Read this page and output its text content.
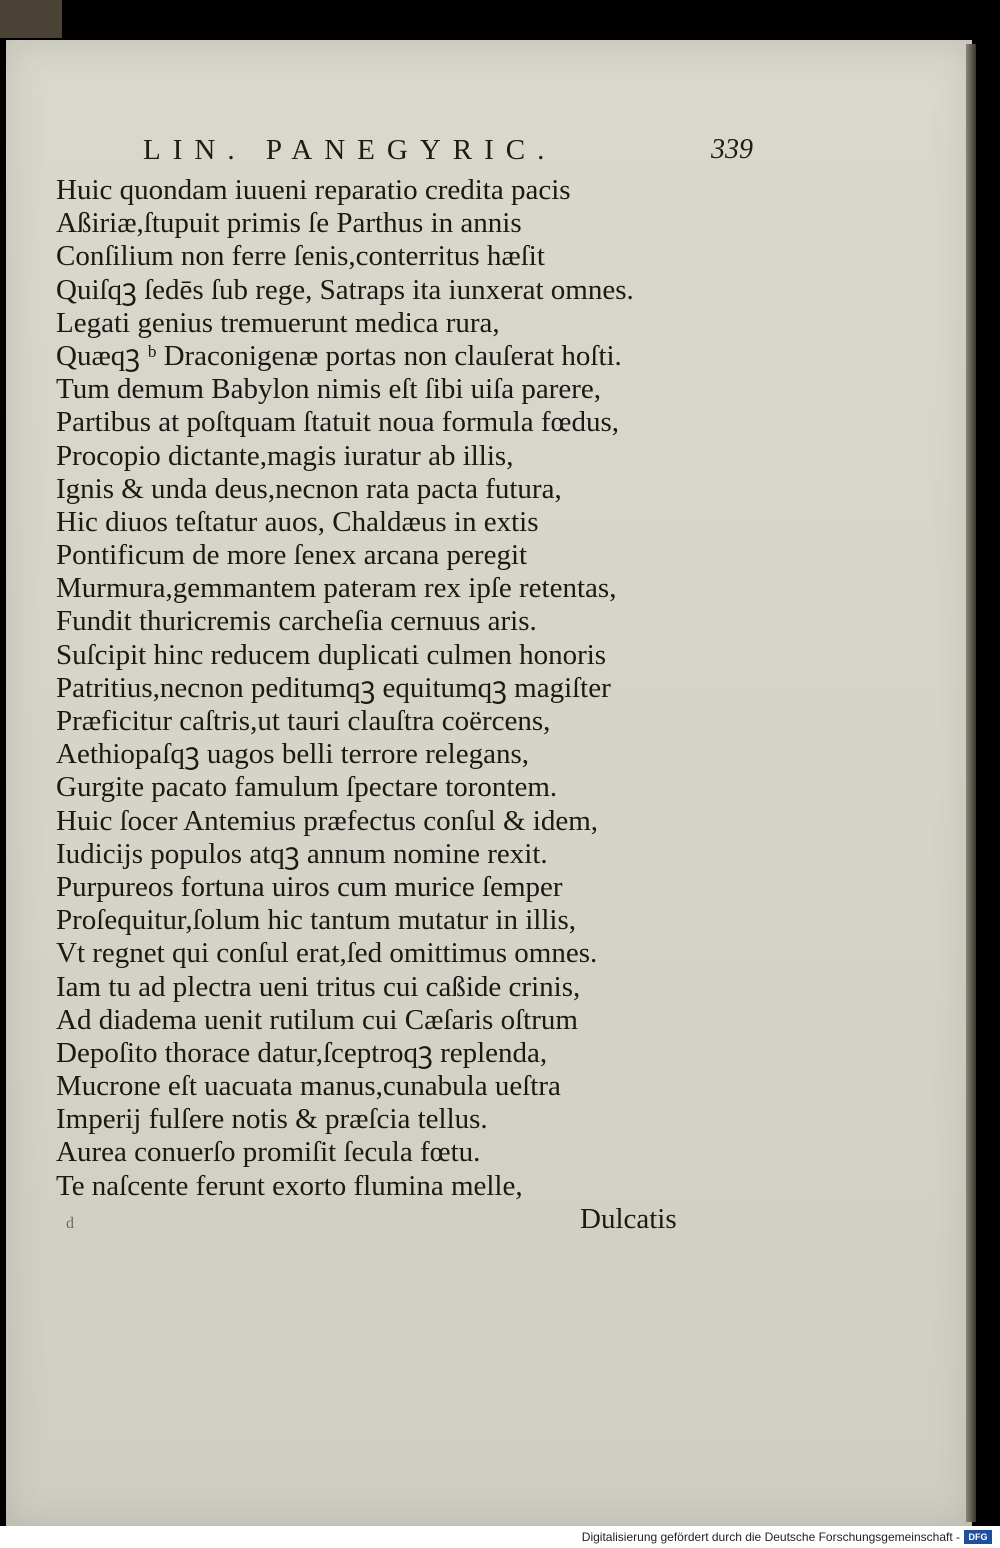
LIN. PANEGYRIC.	339
Huic quondam iuueni reparatio credita pacis
Aßiriæ,ſtupuit primis ſe Parthus in annis
Conſilium non ferre ſenis,conterritus hæſit
Quiſqꝫ ſedēs ſub rege, Satraps ita iunxerat omnes.
Legati genius tremuerunt medica rura,
Quæqꝫ ᵇ Draconigenæ portas non clauſerat hoſti.
Tum demum Babylon nimis eſt ſibi uiſa parere,
Partibus at poſtquam ſtatuit noua formula fœdus,
Procopio dictante,magis iuratur ab illis,
Ignis & unda deus,necnon rata pacta futura,
Hic diuos teſtatur auos, Chaldæus in extis
Pontificum de more ſenex arcana peregit
Murmura,gemmantem pateram rex ipſe retentas,
Fundit thuricremis carcheſia cernuus aris.
Suſcipit hinc reducem duplicati culmen honoris
Patritius,necnon peditumqꝫ equitumqꝫ magiſter
Præficitur caſtris,ut tauri clauſtra coërcens,
Aethiopaſqꝫ uagos belli terrore relegans,
Gurgite pacato famulum ſpectare torontem.
Huic ſocer Antemius præfectus conſul & idem,
Iudicijs populos atqꝫ annum nomine rexit.
Purpureos fortuna uiros cum murice ſemper
Proſequitur,ſolum hic tantum mutatur in illis,
Vt regnet qui conſul erat,ſed omittimus omnes.
Iam tu ad plectra ueni tritus cui caßide crinis,
Ad diadema uenit rutilum cui Cæſaris oſtrum
Depoſito thorace datur,ſceptroqꝫ replenda,
Mucrone eſt uacuata manus,cunabula ueſtra
Imperij fulſere notis & præſcia tellus.
Aurea conuerſo promiſit ſecula fœtu.
Te naſcente ferunt exorto flumina melle,
Dulcatis
d
Digitalisierung gefördert durch die Deutsche Forschungsgemeinschaft - DFG
